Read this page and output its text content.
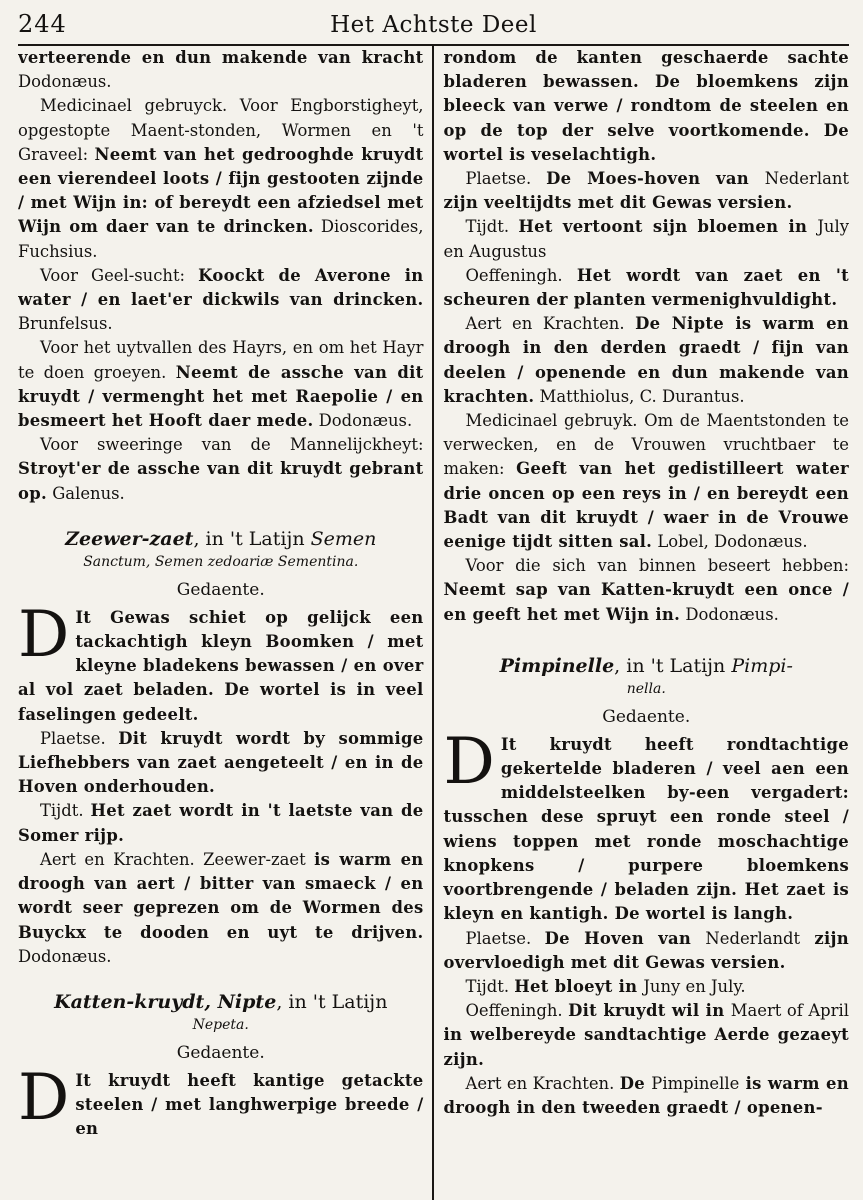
244	Het Achtste Deel

verteerende en dun makende van kracht Dodonæus.

Medicinael gebruyck. Voor Engborstigheyt, opgestopte Maent-stonden, Wormen en 't Graveel: Neemt van het gedrooghde kruydt een vierendeel loots / fijn gestooten zijnde / met Wijn in: of bereydt een afziedsel met Wijn om daer van te drincken. Dioscorides, Fuchsius.

Voor Geel-sucht: Koockt de Averone in water / en laet'er dickwils van drincken. Brunfelsus.

Voor het uytvallen des Hayrs, en om het Hayr te doen groeyen. Neemt de assche van dit kruydt / vermenght het met Raepolie / en besmeert het Hooft daer mede. Dodonæus.

Voor sweeringe van de Mannelijckheyt: Stroyt'er de assche van dit kruydt gebrant op. Galenus.

Zeewer-zaet, in 't Latijn Semen
Sanctum, Semen zedoariæ Sementina.
Gedaente.

D It Gewas schiet op gelijck een tackachtigh kleyn Boomken / met kleyne bladekens bewassen / en over al vol zaet beladen. De wortel is in veel faselingen gedeelt.

Plaetse. Dit kruydt wordt by sommige Liefhebbers van zaet aengeteelt / en in de Hoven onderhouden.

Tijdt. Het zaet wordt in 't laetste van de Somer rijp.

Aert en Krachten. Zeewer-zaet is warm en droogh van aert / bitter van smaeck / en wordt seer geprezen om de Wormen des Buyckx te dooden en uyt te drijven. Dodonæus.

Katten-kruydt, Nipte, in 't Latijn
Nepeta.
Gedaente.

D It kruydt heeft kantige getackte steelen / met langhwerpige breede / en

rondom de kanten geschaerde sachte bladeren bewassen. De bloemkens zijn bleeck van verwe / rondtom de steelen en op de top der selve voortkomende. De wortel is veselachtigh.

Plaetse. De Moes-hoven van Nederlant zijn veeltijdts met dit Gewas versien.

Tijdt. Het vertoont sijn bloemen in July en Augustus

Oeffeningh. Het wordt van zaet en 't scheuren der planten vermenighvuldight.

Aert en Krachten. De Nipte is warm en droogh in den derden graedt / fijn van deelen / openende en dun makende van krachten. Matthiolus, C. Durantus.

Medicinael gebruyk. Om de Maentstonden te verwecken, en de Vrouwen vruchtbaer te maken: Geeft van het gedistilleert water drie oncen op een reys in / en bereydt een Badt van dit kruydt / waer in de Vrouwe eenige tijdt sitten sal. Lobel, Dodonæus.

Voor die sich van binnen beseert hebben: Neemt sap van Katten-kruydt een once / en geeft het met Wijn in. Dodonæus.

Pimpinelle, in 't Latijn Pimpi-
nella.
Gedaente.

D It kruydt heeft rondtachtige gekertelde bladeren / veel aen een middelsteelken by-een vergadert: tusschen dese spruyt een ronde steel / wiens toppen met ronde moschachtige knopkens / purpere bloemkens voortbrengende / beladen zijn. Het zaet is kleyn en kantigh. De wortel is langh.

Plaetse. De Hoven van Nederlandt zijn overvloedigh met dit Gewas versien.

Tijdt. Het bloeyt in Juny en July.

Oeffeningh. Dit kruydt wil in Maert of April in welbereyde sandtachtige Aerde gezaeyt zijn.

Aert en Krachten. De Pimpinelle is warm en droogh in den tweeden graedt / openen-
